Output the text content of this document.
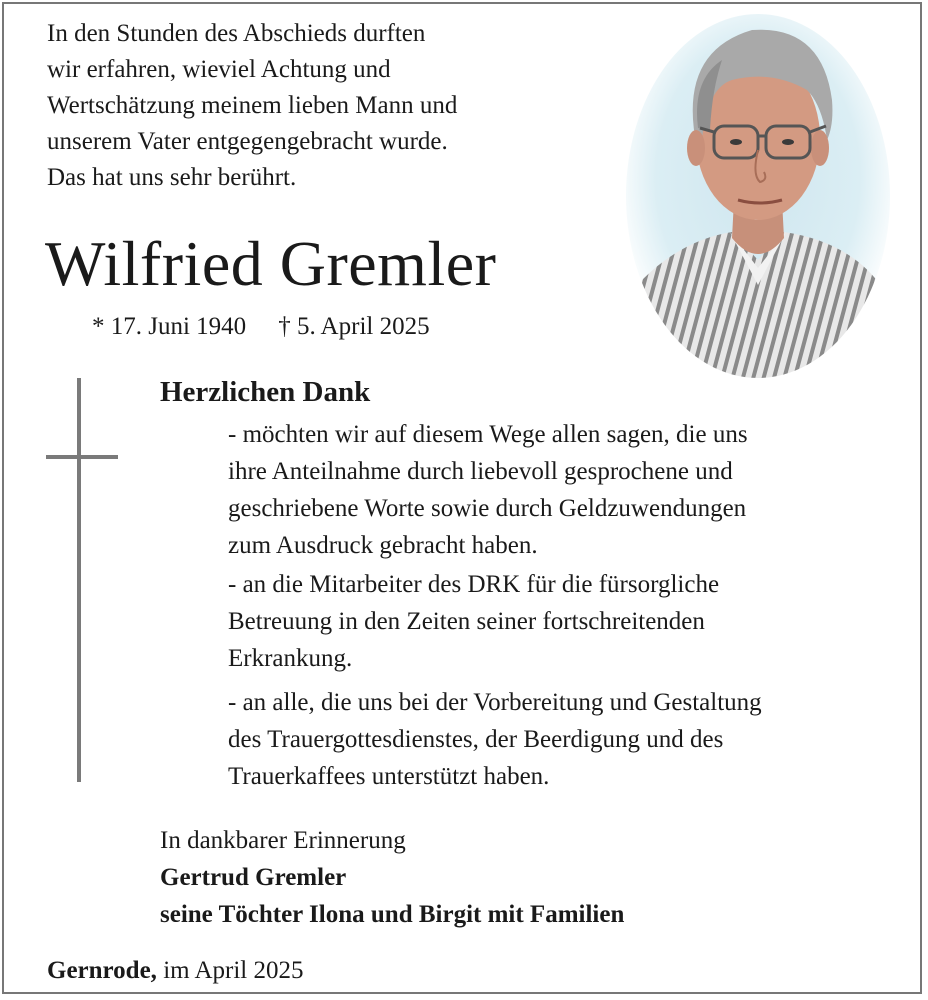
In den Stunden des Abschieds durften
wir erfahren, wieviel Achtung und
Wertschätzung meinem lieben Mann und
unserem Vater entgegengebracht wurde.
Das hat uns sehr berührt.
Wilfried Gremler
* 17. Juni 1940 † 5. April 2025
Herzlichen Dank
- möchten wir auf diesem Wege allen sagen, die uns
ihre Anteilnahme durch liebevoll gesprochene und
geschriebene Worte sowie durch Geldzuwendungen
zum Ausdruck gebracht haben.
- an die Mitarbeiter des DRK für die fürsorgliche
Betreuung in den Zeiten seiner fortschreitenden
Erkrankung.
- an alle, die uns bei der Vorbereitung und Gestaltung
des Trauergottesdienstes, der Beerdigung und des
Trauerkaffees unterstützt haben.
In dankbarer Erinnerung
Gertrud Gremler
seine Töchter Ilona und Birgit mit Familien
Gernrode, im April 2025
